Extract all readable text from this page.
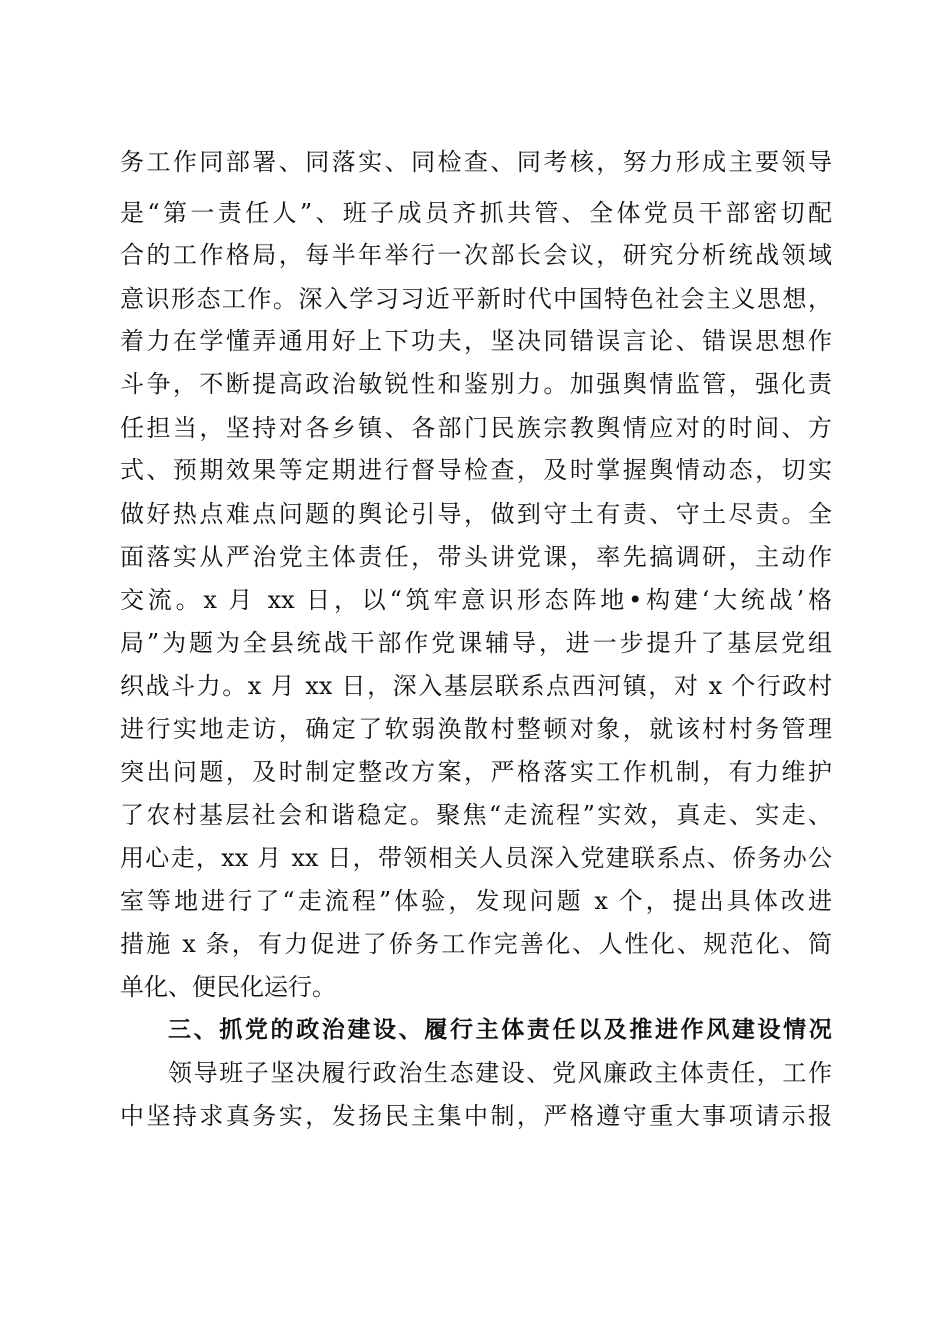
务工作同部署、同落实、同检查、同考核，努力形成主要领导

是“第一责任人”、班子成员齐抓共管、全体党员干部密切配

合的工作格局，每半年举行一次部长会议，研究分析统战领域

意识形态工作。深入学习习近平新时代中国特色社会主义思想，

着力在学懂弄通用好上下功夫，坚决同错误言论、错误思想作

斗争，不断提高政治敏锐性和鉴别力。加强舆情监管，强化责

任担当，坚持对各乡镇、各部门民族宗教舆情应对的时间、方

式、预期效果等定期进行督导检查，及时掌握舆情动态，切实

做好热点难点问题的舆论引导，做到守土有责、守土尽责。全

面落实从严治党主体责任，带头讲党课，率先搞调研，主动作

交流。x 月 xx 日，以“筑牢意识形态阵地•构建‘大统战’格

局”为题为全县统战干部作党课辅导，进一步提升了基层党组

织战斗力。x 月 xx 日，深入基层联系点西河镇，对 x 个行政村

进行实地走访，确定了软弱涣散村整顿对象，就该村村务管理

突出问题，及时制定整改方案，严格落实工作机制，有力维护

了农村基层社会和谐稳定。聚焦“走流程”实效，真走、实走、

用心走，xx 月 xx 日，带领相关人员深入党建联系点、侨务办公

室等地进行了“走流程”体验，发现问题 x 个，提出具体改进

措施 x 条，有力促进了侨务工作完善化、人性化、规范化、简

单化、便民化运行。

三、抓党的政治建设、履行主体责任以及推进作风建设情况

领导班子坚决履行政治生态建设、党风廉政主体责任，工作

中坚持求真务实，发扬民主集中制，严格遵守重大事项请示报
